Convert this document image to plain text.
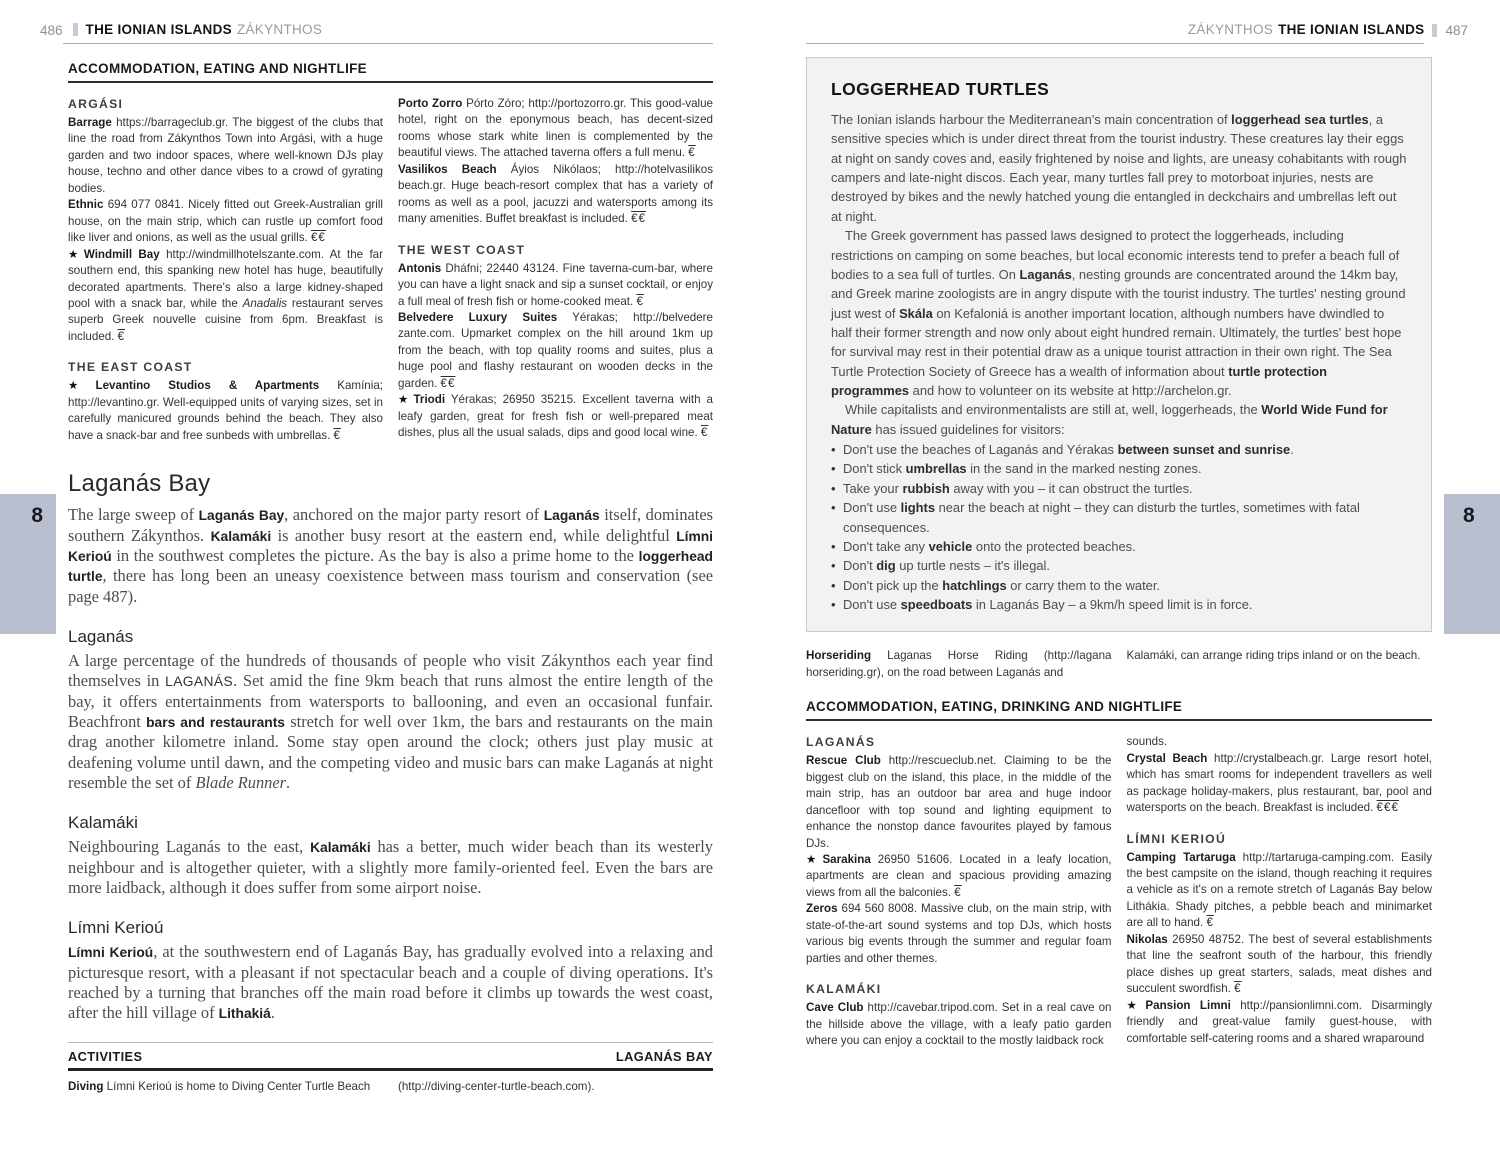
8	8
486 THE IONIAN ISLANDS ZÁKYNTHOS
ACCOMMODATION, EATING AND NIGHTLIFE
ARGÁSI

Barrage https://barrageclub.gr. The biggest of the clubs that line the road from Zákynthos Town into Argási, with a huge garden and two indoor spaces, where well-known DJs play house, techno and other dance vibes to a crowd of gyrating bodies.

Ethnic 694 077 0841. Nicely fitted out Greek-Australian grill house, on the main strip, which can rustle up comfort food like liver and onions, as well as the usual grills. €€

★ Windmill Bay http://windmillhotelszante.com. At the far southern end, this spanking new hotel has huge, beautifully decorated apartments. There's also a large kidney-shaped pool with a snack bar, while the Anadalis restaurant serves superb Greek nouvelle cuisine from 6pm. Breakfast is included. €

THE EAST COAST

★ Levantino Studios & Apartments Kamínia; http://levantino.gr. Well-equipped units of varying sizes, set in carefully manicured grounds behind the beach. They also have a snack-bar and free sunbeds with umbrellas. €

Porto Zorro Pórto Zóro; http://portozorro.gr. This good-value hotel, right on the eponymous beach, has decent-sized rooms whose stark white linen is complemented by the beautiful views. The attached taverna offers a full menu. €

Vasilikos Beach Áyios Nikólaos; http://hotelvasilikos beach.gr. Huge beach-resort complex that has a variety of rooms as well as a pool, jacuzzi and watersports among its many amenities. Buffet breakfast is included. €€

THE WEST COAST

Antonis Dháfni; 22440 43124. Fine taverna-cum-bar, where you can have a light snack and sip a sunset cocktail, or enjoy a full meal of fresh fish or home-cooked meat. €

Belvedere Luxury Suites Yérakas; http://belvedere zante.com. Upmarket complex on the hill around 1km up from the beach, with top quality rooms and suites, plus a huge pool and flashy restaurant on wooden decks in the garden. €€

★ Triodi Yérakas; 26950 35215. Excellent taverna with a leafy garden, great for fresh fish or well-prepared meat dishes, plus all the usual salads, dips and good local wine. €

Laganás Bay

The large sweep of Laganás Bay, anchored on the major party resort of Laganás itself, dominates southern Zákynthos. Kalamáki is another busy resort at the eastern end, while delightful Límni Kerioú in the southwest completes the picture. As the bay is also a prime home to the loggerhead turtle, there has long been an uneasy coexistence between mass tourism and conservation (see page 487).

Laganás

A large percentage of the hundreds of thousands of people who visit Zákynthos each year find themselves in LAGANÁS. Set amid the fine 9km beach that runs almost the entire length of the bay, it offers entertainments from watersports to ballooning, and even an occasional funfair. Beachfront bars and restaurants stretch for well over 1km, the bars and restaurants on the main drag another kilometre inland. Some stay open around the clock; others just play music at deafening volume until dawn, and the competing video and music bars can make Laganás at night resemble the set of Blade Runner.

Kalamáki

Neighbouring Laganás to the east, Kalamáki has a better, much wider beach than its westerly neighbour and is altogether quieter, with a slightly more family-oriented feel. Even the bars are more laidback, although it does suffer from some airport noise.

Límni Kerioú

Límni Kerioú, at the southwestern end of Laganás Bay, has gradually evolved into a relaxing and picturesque resort, with a pleasant if not spectacular beach and a couple of diving operations. It's reached by a turning that branches off the main road before it climbs up towards the west coast, after the hill village of Lithakiá.

ACTIVITIES	LAGANÁS BAY

Diving Límni Kerioú is home to Diving Center Turtle Beach	(http://diving-center-turtle-beach.com).

ZÁKYNTHOS THE IONIAN ISLANDS 487
LOGGERHEAD TURTLES

The Ionian islands harbour the Mediterranean's main concentration of loggerhead sea turtles, a sensitive species which is under direct threat from the tourist industry. These creatures lay their eggs at night on sandy coves and, easily frightened by noise and lights, are uneasy cohabitants with rough campers and late-night discos. Each year, many turtles fall prey to motorboat injuries, nests are destroyed by bikes and the newly hatched young die entangled in deckchairs and umbrellas left out at night.

The Greek government has passed laws designed to protect the loggerheads, including restrictions on camping on some beaches, but local economic interests tend to prefer a beach full of bodies to a sea full of turtles. On Laganás, nesting grounds are concentrated around the 14km bay, and Greek marine zoologists are in angry dispute with the tourist industry. The turtles' nesting ground just west of Skála on Kefaloniá is another important location, although numbers have dwindled to half their former strength and now only about eight hundred remain. Ultimately, the turtles' best hope for survival may rest in their potential draw as a unique tourist attraction in their own right. The Sea Turtle Protection Society of Greece has a wealth of information about turtle protection programmes and how to volunteer on its website at http://archelon.gr.

While capitalists and environmentalists are still at, well, loggerheads, the World Wide Fund for Nature has issued guidelines for visitors:

• Don't use the beaches of Laganás and Yérakas between sunset and sunrise.
• Don't stick umbrellas in the sand in the marked nesting zones.
• Take your rubbish away with you – it can obstruct the turtles.
• Don't use lights near the beach at night – they can disturb the turtles, sometimes with fatal consequences.
• Don't take any vehicle onto the protected beaches.
• Don't dig up turtle nests – it's illegal.
• Don't pick up the hatchlings or carry them to the water.
• Don't use speedboats in Laganás Bay – a 9km/h speed limit is in force.

Horseriding Laganas Horse Riding (http://lagana horseriding.gr), on the road between Laganás and

Kalamáki, can arrange riding trips inland or on the beach.

ACCOMMODATION, EATING, DRINKING AND NIGHTLIFE
LAGANÁS

Rescue Club http://rescueclub.net. Claiming to be the biggest club on the island, this place, in the middle of the main strip, has an outdoor bar area and huge indoor dancefloor with top sound and lighting equipment to enhance the nonstop dance favourites played by famous DJs.

★ Sarakina 26950 51606. Located in a leafy location, apartments are clean and spacious providing amazing views from all the balconies. €

Zeros 694 560 8008. Massive club, on the main strip, with state-of-the-art sound systems and top DJs, which hosts various big events through the summer and regular foam parties and other themes.

KALAMÁKI

Cave Club http://cavebar.tripod.com. Set in a real cave on the hillside above the village, with a leafy patio garden where you can enjoy a cocktail to the mostly laidback rock

sounds.

Crystal Beach http://crystalbeach.gr. Large resort hotel, which has smart rooms for independent travellers as well as package holiday-makers, plus restaurant, bar, pool and watersports on the beach. Breakfast is included. €€€

LÍMNI KERIOÚ

Camping Tartaruga http://tartaruga-camping.com. Easily the best campsite on the island, though reaching it requires a vehicle as it's on a remote stretch of Laganás Bay below Lithákia. Shady pitches, a pebble beach and minimarket are all to hand. €

Nikolas 26950 48752. The best of several establishments that line the seafront south of the harbour, this friendly place dishes up great starters, salads, meat dishes and succulent swordfish. €

★ Pansion Limni http://pansionlimni.com. Disarmingly friendly and great-value family guest-house, with comfortable self-catering rooms and a shared wraparound
